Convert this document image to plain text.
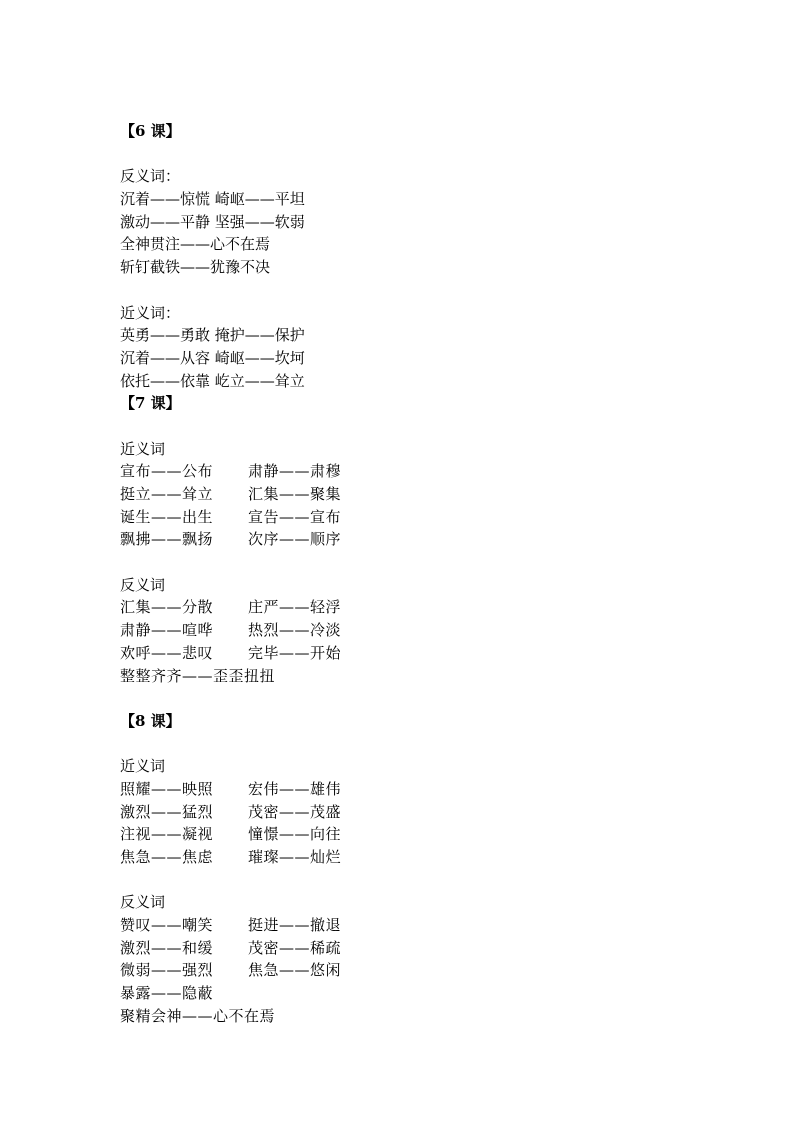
【6 课】
反义词：
沉着——惊慌 崎岖——平坦
激动——平静 坚强——软弱
全神贯注——心不在焉
斩钉截铁——犹豫不决
近义词：
英勇——勇敢 掩护——保护
沉着——从容 崎岖——坎坷
依托——依靠 屹立——耸立
【7 课】
近义词
宣布——公布 肃静——肃穆
挺立——耸立 汇集——聚集
诞生——出生 宣告——宣布
飘拂——飘扬 次序——顺序
反义词
汇集——分散 庄严——轻浮
肃静——喧哗 热烈——冷淡
欢呼——悲叹 完毕——开始
整整齐齐——歪歪扭扭
【8 课】
近义词
照耀——映照 宏伟——雄伟
激烈——猛烈 茂密——茂盛
注视——凝视 憧憬——向往
焦急——焦虑 璀璨——灿烂
反义词
赞叹——嘲笑 挺进——撤退
激烈——和缓 茂密——稀疏
微弱——强烈 焦急——悠闲
暴露——隐蔽
聚精会神——心不在焉
